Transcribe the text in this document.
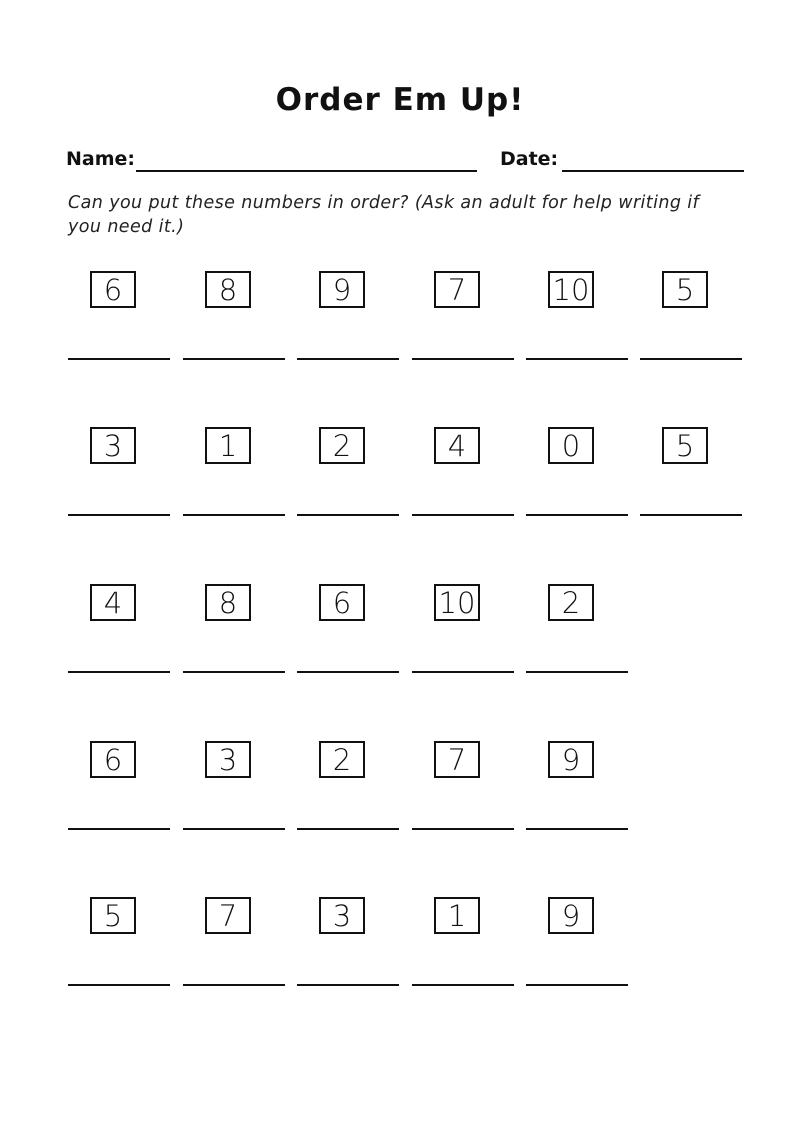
Order Em Up!
Name:	Date:
Can you put these numbers in order? (Ask an adult for help writing if you need it.)
6	8	9	7	10	5
3	1	2	4	0	5
4	8	6	10	2
6	3	2	7	9
5	7	3	1	9
